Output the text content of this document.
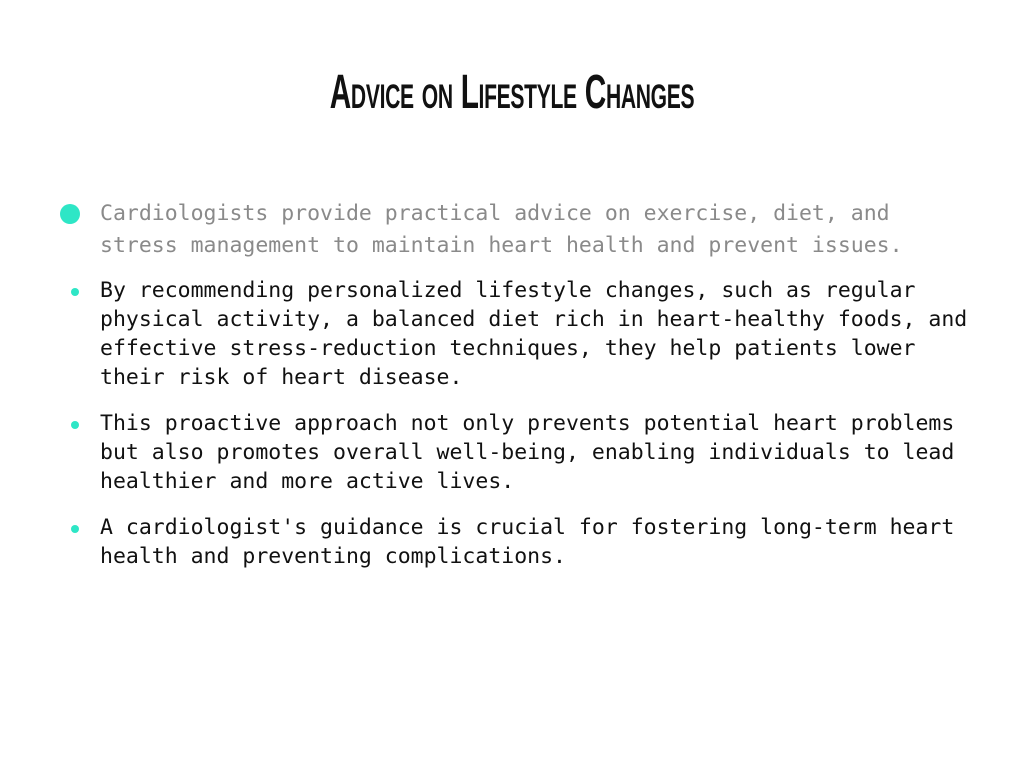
Advice on Lifestyle Changes
Cardiologists provide practical advice on exercise, diet, and stress management to maintain heart health and prevent issues.
By recommending personalized lifestyle changes, such as regular physical activity, a balanced diet rich in heart-healthy foods, and effective stress-reduction techniques, they help patients lower their risk of heart disease.
This proactive approach not only prevents potential heart problems but also promotes overall well-being, enabling individuals to lead healthier and more active lives.
A cardiologist's guidance is crucial for fostering long-term heart health and preventing complications.
